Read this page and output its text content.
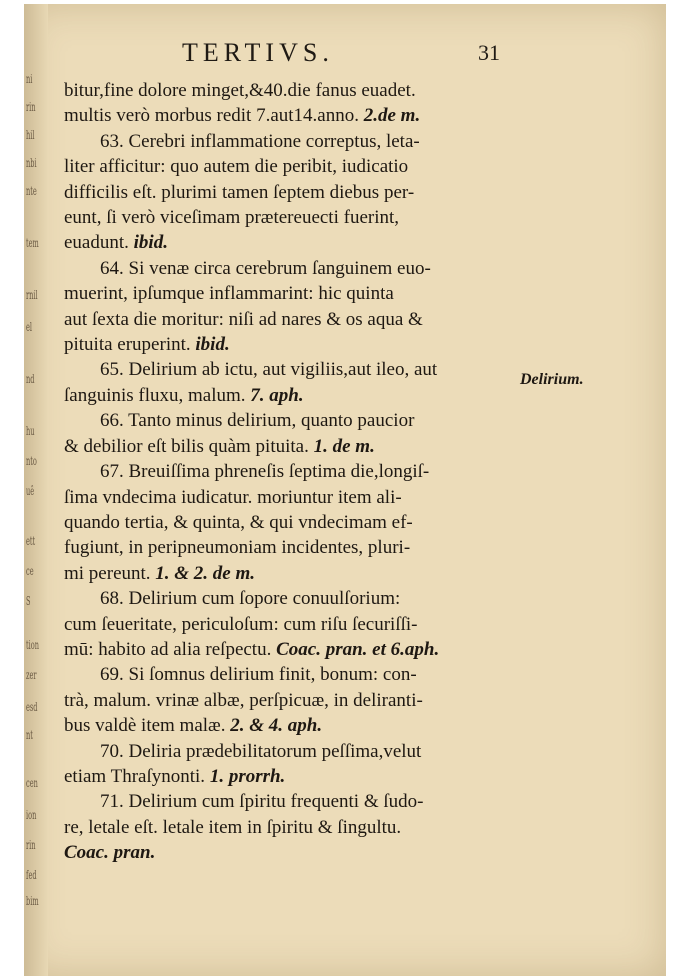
ni
rin
hil
nbi
nte
tem
rnil
el
nd
hu
nto
uê
ett
ce
S
tion
zer
esd
nt
cen
ion
rin
fed
bim
TERTIVS.	31
bitur,fine dolore minget,&40.die fanus euadet.
multis verò morbus redit 7.aut14.anno. 2.de m.
63. Cerebri inflammatione correptus, leta-
liter afficitur: quo autem die peribit, iudicatio
difficilis eſt. plurimi tamen ſeptem diebus per-
eunt, ſi verò viceſimam prætereuecti fuerint,
euadunt. ibid.
64. Si venæ circa cerebrum ſanguinem euo-
muerint, ipſumque inflammarint: hic quinta
aut ſexta die moritur: niſi ad nares & os aqua &
pituita eruperint. ibid.
65. Delirium ab ictu, aut vigiliis,aut ileo, aut
ſanguinis fluxu, malum. 7. aph.
66. Tanto minus delirium, quanto paucior
& debilior eſt bilis quàm pituita. 1. de m.
67. Breuiſſima phreneſis ſeptima die,longiſ-
ſima vndecima iudicatur. moriuntur item ali-
quando tertia, & quinta, & qui vndecimam ef-
fugiunt, in peripneumoniam incidentes, pluri-
mi pereunt. 1. & 2. de m.
68. Delirium cum ſopore conuulſorium:
cum ſeueritate, periculoſum: cum riſu ſecuriſſi-
mū: habito ad alia reſpectu. Coac. pran. et 6.aph.
69. Si ſomnus delirium finit, bonum: con-
trà, malum. vrinæ albæ, perſpicuæ, in deliranti-
bus valdè item malæ. 2. & 4. aph.
70. Deliria prædebilitatorum peſſima,velut
etiam Thraſynonti. 1. prorrh.
71. Delirium cum ſpiritu frequenti & ſudo-
re, letale eſt. letale item in ſpiritu & ſingultu.
Coac. pran.
Delirium.
